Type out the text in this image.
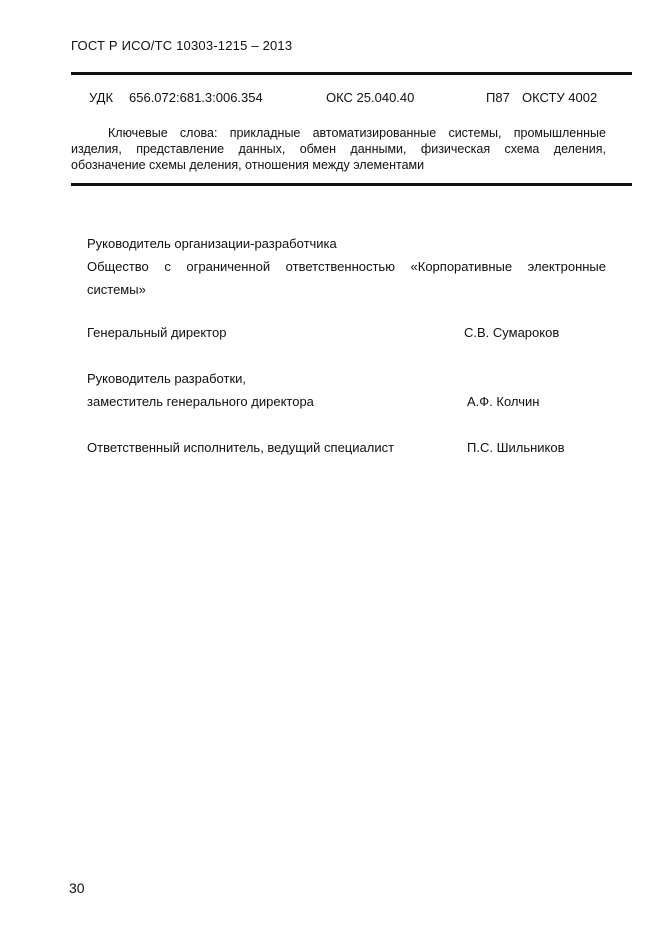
ГОСТ Р ИСО/ТС 10303-1215 – 2013
УДК 656.072:681.3:006.354	ОКС 25.040.40	П87 ОКСТУ 4002
Ключевые слова: прикладные автоматизированные системы, промышленные
изделия, представление данных, обмен данными, физическая схема деления,
обозначение схемы деления, отношения между элементами
Руководитель организации-разработчика
Общество с ограниченной ответственностью «Корпоративные электронные
системы»
Генеральный директор	С.В. Сумароков
Руководитель разработки,
заместитель генерального директора	А.Ф. Колчин
Ответственный исполнитель, ведущий специалист	П.С. Шильников
30
